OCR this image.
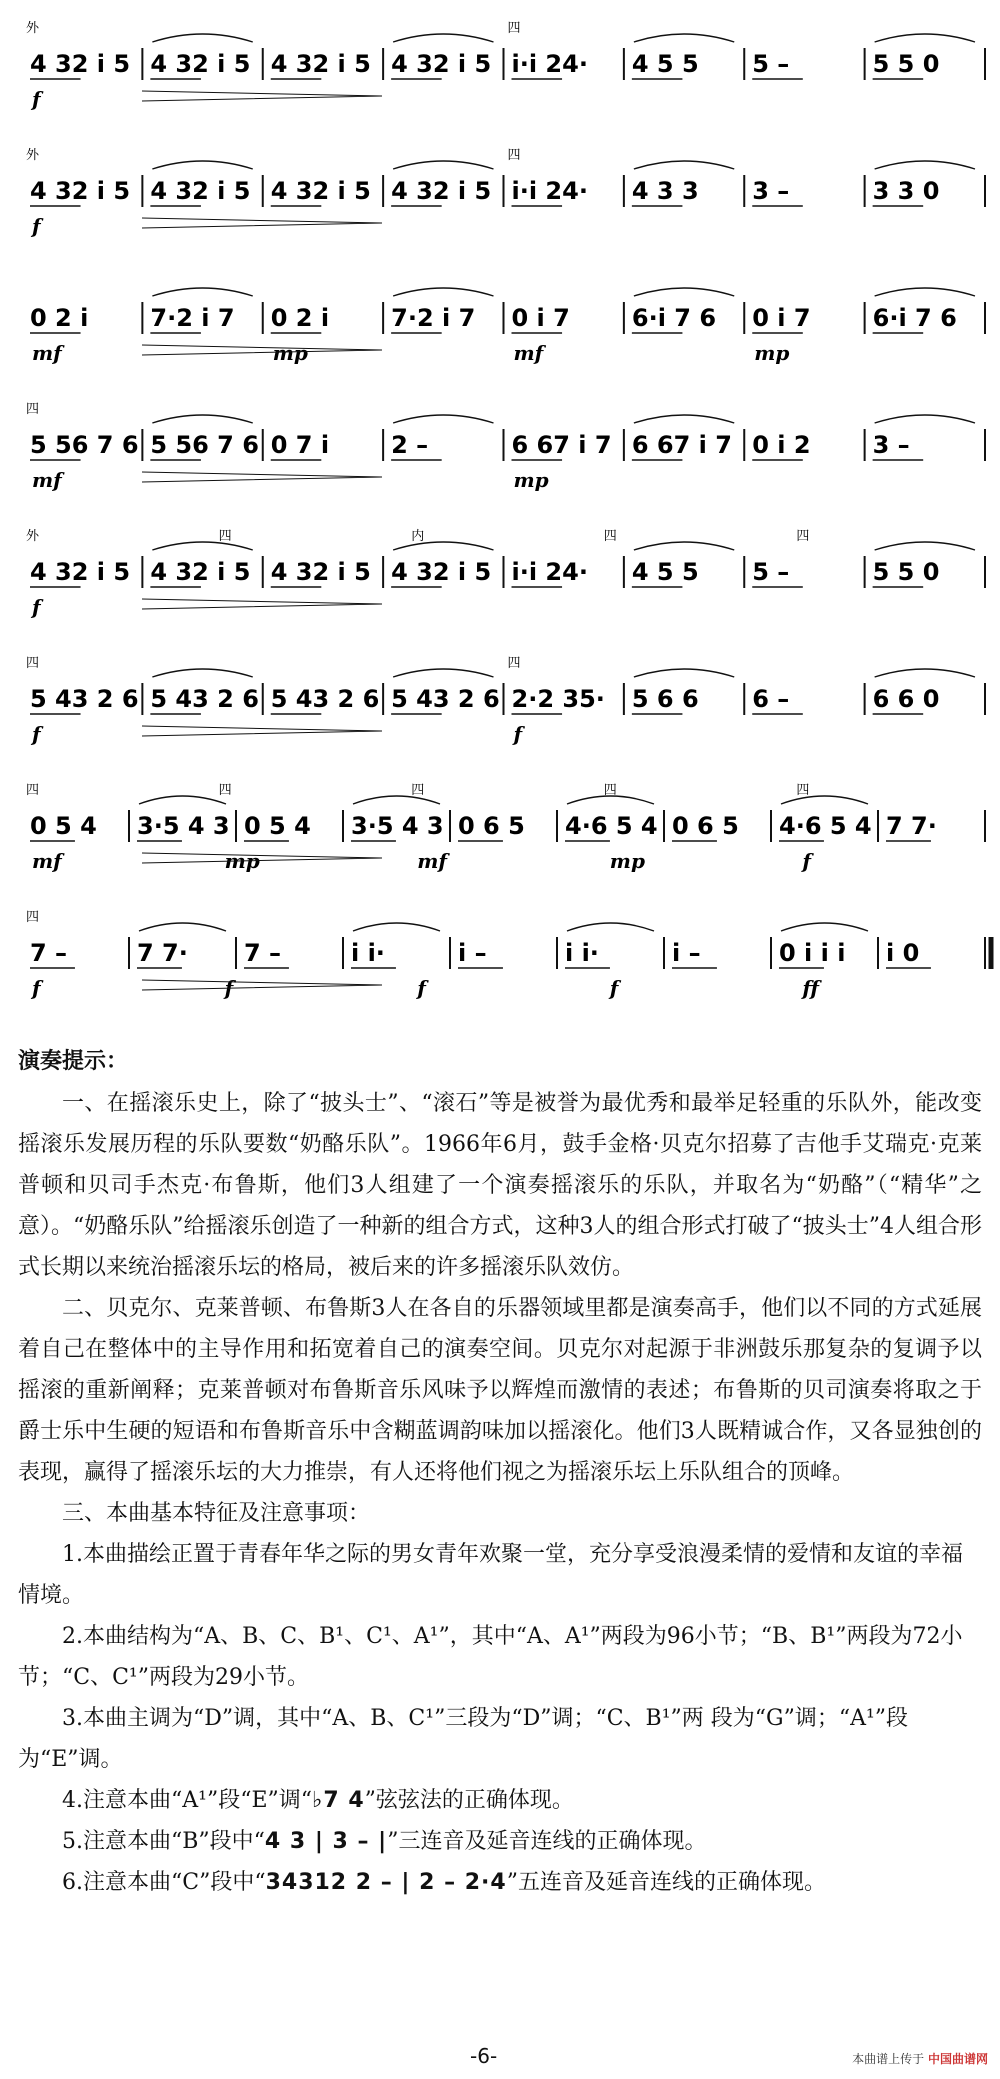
4 32 i 5 4 32 i 5 4 32 i 5 4 32 i 5 i·i 24· 4 5 5 5 –	5 5 0
外	四
f
4 32 i 5 4 32 i 5 4 32 i 5 4 32 i 5 i·i 24· 4 3 3 3 –	3 3 0
外	四
f
0 2 i	7·2 i 7 0 2 i	7·2 i 7 0 i 7	6·i 7 6 0 i 7	6·i 7 6
mf	mp	mf	mp
5 56 7 6 5 56 7 6 0 7 i	2 –	6 67 i 7 6 67 i 7 0 i 2	3 –
mf	mp
四
4 32 i 5 4 32 i 5 4 32 i 5 4 32 i 5 i·i 24· 4 5 5 5 –	5 5 0
外	四	内
f
四	四
5 43 2 6 5 43 2 6 5 43 2 6 5 43 2 6 2·2 35· 5 6 6 6 –	6 6 0
f	f
四	四
0 5 4 3·5 4 3 0 5 4 3·5 4 3 0 6 5 4·6 5 4 0 6 5 4·6 5 4 7 7·
四
mf
四
mp
四
mf
四
mp
四
f
7 –	7 7· 7 –	i i·	i –	i i·	i –	0 i i i i 0
f	f
四
f	f	ff
演奏提示：

一、在摇滚乐史上，除了“披头士”、“滚石”等是被誉为最优秀和最举足轻重的乐队外，能改变摇滚乐发展历程的乐队要数“奶酪乐队”。1966年6月，鼓手金格·贝克尔招募了吉他手艾瑞克·克莱普顿和贝司手杰克·布鲁斯，他们3人组建了一个演奏摇滚乐的乐队，并取名为“奶酪”（“精华”之意）。“奶酪乐队”给摇滚乐创造了一种新的组合方式，这种3人的组合形式打破了“披头士”4人组合形式长期以来统治摇滚乐坛的格局，被后来的许多摇滚乐队效仿。

二、贝克尔、克莱普顿、布鲁斯3人在各自的乐器领域里都是演奏高手，他们以不同的方式延展着自己在整体中的主导作用和拓宽着自己的演奏空间。贝克尔对起源于非洲鼓乐那复杂的复调予以摇滚的重新阐释；克莱普顿对布鲁斯音乐风味予以辉煌而激情的表述；布鲁斯的贝司演奏将取之于爵士乐中生硬的短语和布鲁斯音乐中含糊蓝调韵味加以摇滚化。他们3人既精诚合作，又各显独创的表现，赢得了摇滚乐坛的大力推崇，有人还将他们视之为摇滚乐坛上乐队组合的顶峰。

三、本曲基本特征及注意事项：

1.本曲描绘正置于青春年华之际的男女青年欢聚一堂，充分享受浪漫柔情的爱情和友谊的幸福情境。

2.本曲结构为“A、B、C、B¹、C¹、A¹”，其中“A、A¹”两段为96小节；“B、B¹”两段为72小节；“C、C¹”两段为29小节。

3.本曲主调为“D”调，其中“A、B、C¹”三段为“D”调；“C、B¹”两 段为“G”调；“A¹”段为“E”调。

4.注意本曲“A¹”段“E”调“♭7 4”弦弦法的正确体现。

5.注意本曲“B”段中“4 3 | 3 – |”三连音及延音连线的正确体现。

6.注意本曲“C”段中“34312 2 – | 2 – 2·4”五连音及延音连线的正确体现。

-6-	本曲谱上传于 中国曲谱网
